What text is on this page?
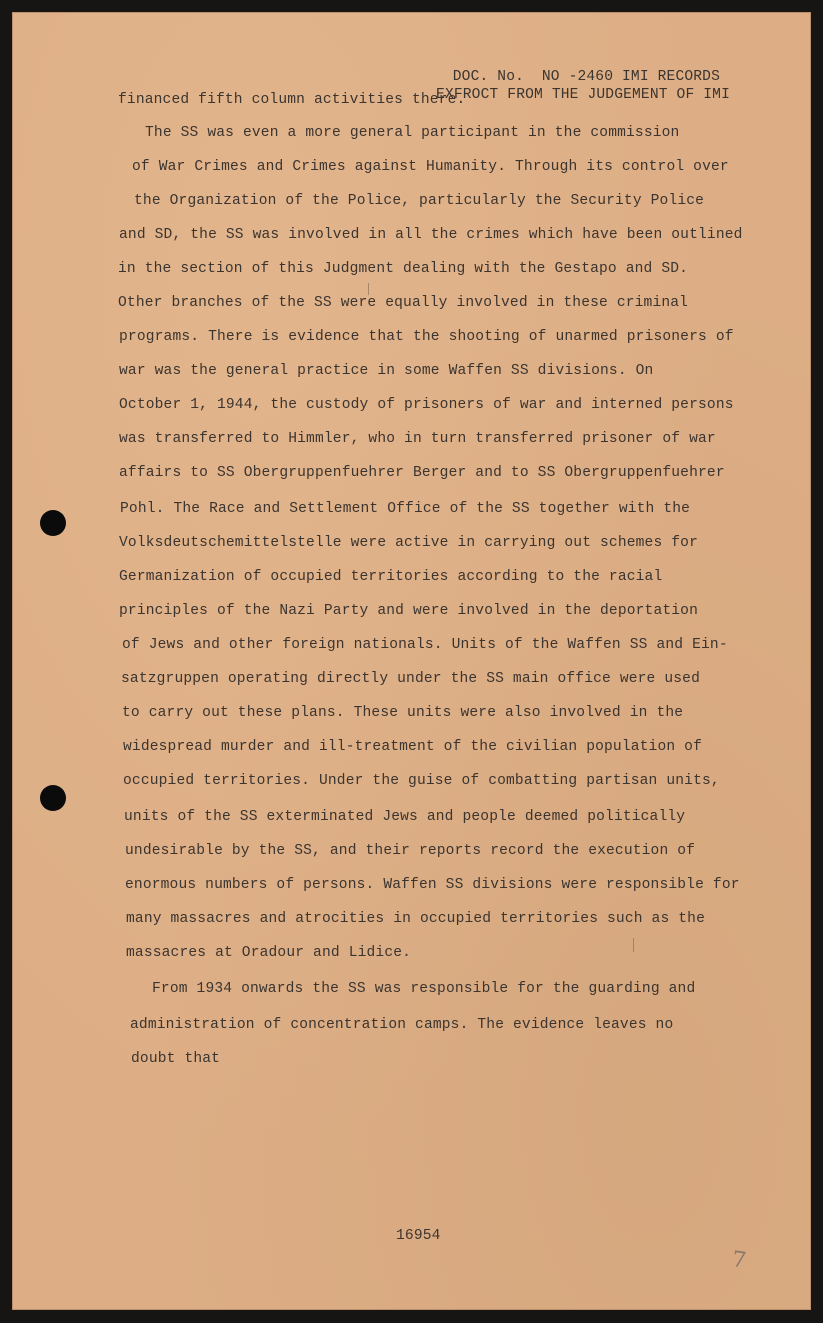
DOC. No.  NO -2460 IMI RECORDS
EXFROCT FROM THE JUDGEMENT OF IMI
financed fifth column activities there.
The SS was even a more general participant in the commission
of War Crimes and Crimes against Humanity. Through its control over
the Organization of the Police, particularly the Security Police
and SD, the SS was involved in all the crimes which have been outlined
in the section of this Judgment dealing with the Gestapo and SD.
Other branches of the SS were equally involved in these criminal
programs. There is evidence that the shooting of unarmed prisoners of
war was the general practice in some Waffen SS divisions. On
October 1, 1944, the custody of prisoners of war and interned persons
was transferred to Himmler, who in turn transferred prisoner of war
affairs to SS Obergruppenfuehrer Berger and to SS Obergruppenfuehrer
Pohl. The Race and Settlement Office of the SS together with the
Volksdeutschemittelstelle were active in carrying out schemes for
Germanization of occupied territories according to the racial
principles of the Nazi Party and were involved in the deportation
of Jews and other foreign nationals. Units of the Waffen SS and Ein-
satzgruppen operating directly under the SS main office were used
to carry out these plans. These units were also involved in the
widespread murder and ill-treatment of the civilian population of
occupied territories. Under the guise of combatting partisan units,
units of the SS exterminated Jews and people deemed politically
undesirable by the SS, and their reports record the execution of
enormous numbers of persons. Waffen SS divisions were responsible for
many massacres and atrocities in occupied territories such as the
massacres at Oradour and Lidice.
From 1934 onwards the SS was responsible for the guarding and
administration of concentration camps. The evidence leaves no
doubt that
16954
7
